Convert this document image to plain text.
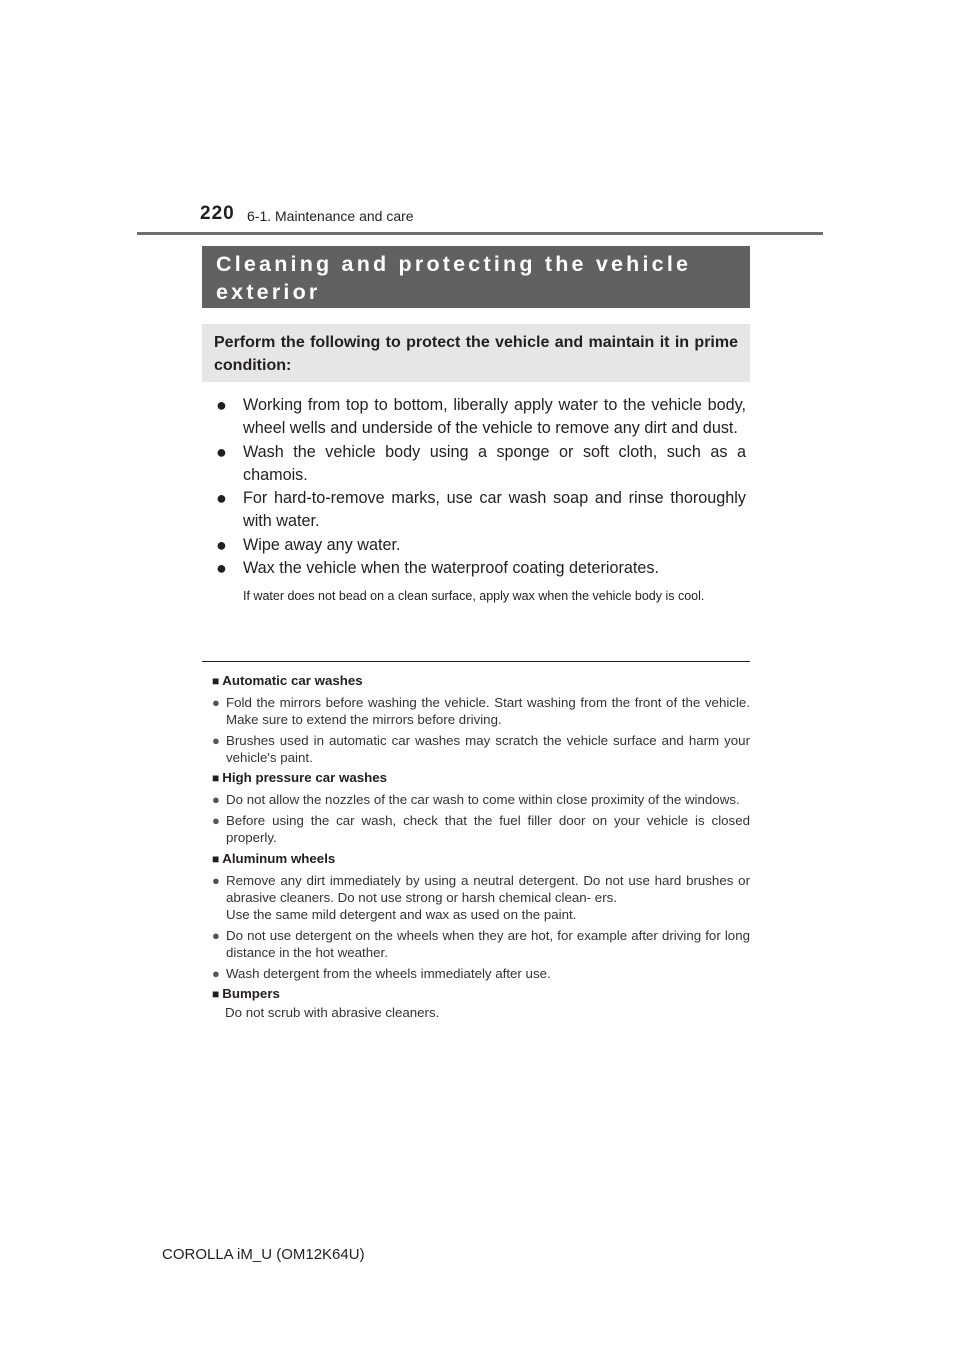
220 6-1. Maintenance and care
Cleaning and protecting the vehicle exterior
Perform the following to protect the vehicle and maintain it in prime condition:
● Working from top to bottom, liberally apply water to the vehicle body, wheel wells and underside of the vehicle to remove any dirt and dust.
● Wash the vehicle body using a sponge or soft cloth, such as a chamois.
● For hard-to-remove marks, use car wash soap and rinse thoroughly with water.
● Wipe away any water.
● Wax the vehicle when the waterproof coating deteriorates.

If water does not bead on a clean surface, apply wax when the vehicle body is cool.

■ Automatic car washes
● Fold the mirrors before washing the vehicle. Start washing from the front of the vehicle. Make sure to extend the mirrors before driving.
● Brushes used in automatic car washes may scratch the vehicle surface and harm your vehicle's paint.
■ High pressure car washes
● Do not allow the nozzles of the car wash to come within close proximity of the windows.
● Before using the car wash, check that the fuel filler door on your vehicle is closed properly.
■ Aluminum wheels
● Remove any dirt immediately by using a neutral detergent. Do not use hard brushes or abrasive cleaners. Do not use strong or harsh chemical clean- ers.
Use the same mild detergent and wax as used on the paint.
● Do not use detergent on the wheels when they are hot, for example after driving for long distance in the hot weather.
● Wash detergent from the wheels immediately after use.
■ Bumpers
Do not scrub with abrasive cleaners.
COROLLA iM_U (OM12K64U)
